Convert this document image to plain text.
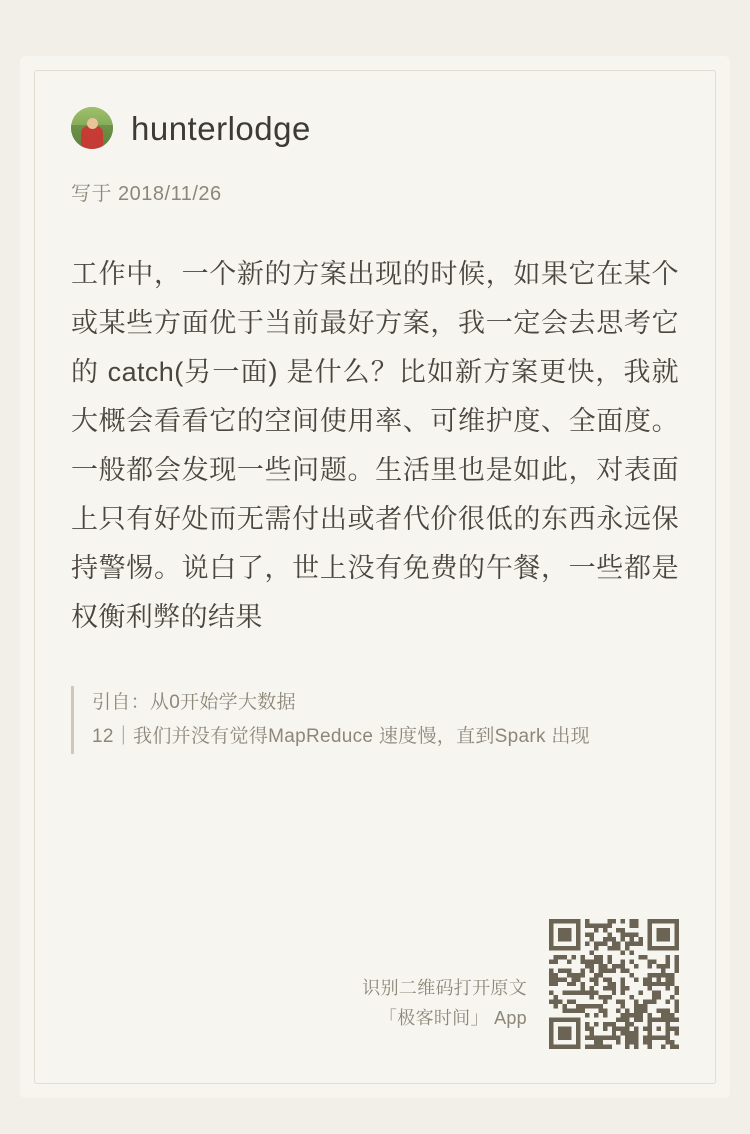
hunterlodge
写于 2018/11/26
工作中，一个新的方案出现的时候，如果它在某个或某些方面优于当前最好方案，我一定会去思考它的 catch(另一面) 是什么？比如新方案更快，我就大概会看看它的空间使用率、可维护度、全面度。一般都会发现一些问题。生活里也是如此，对表面上只有好处而无需付出或者代价很低的东西永远保持警惕。说白了，世上没有免费的午餐，一些都是权衡利弊的结果
引自：从0开始学大数据
12｜我们并没有觉得MapReduce 速度慢，直到Spark 出现
识别二维码打开原文
「极客时间」 App
